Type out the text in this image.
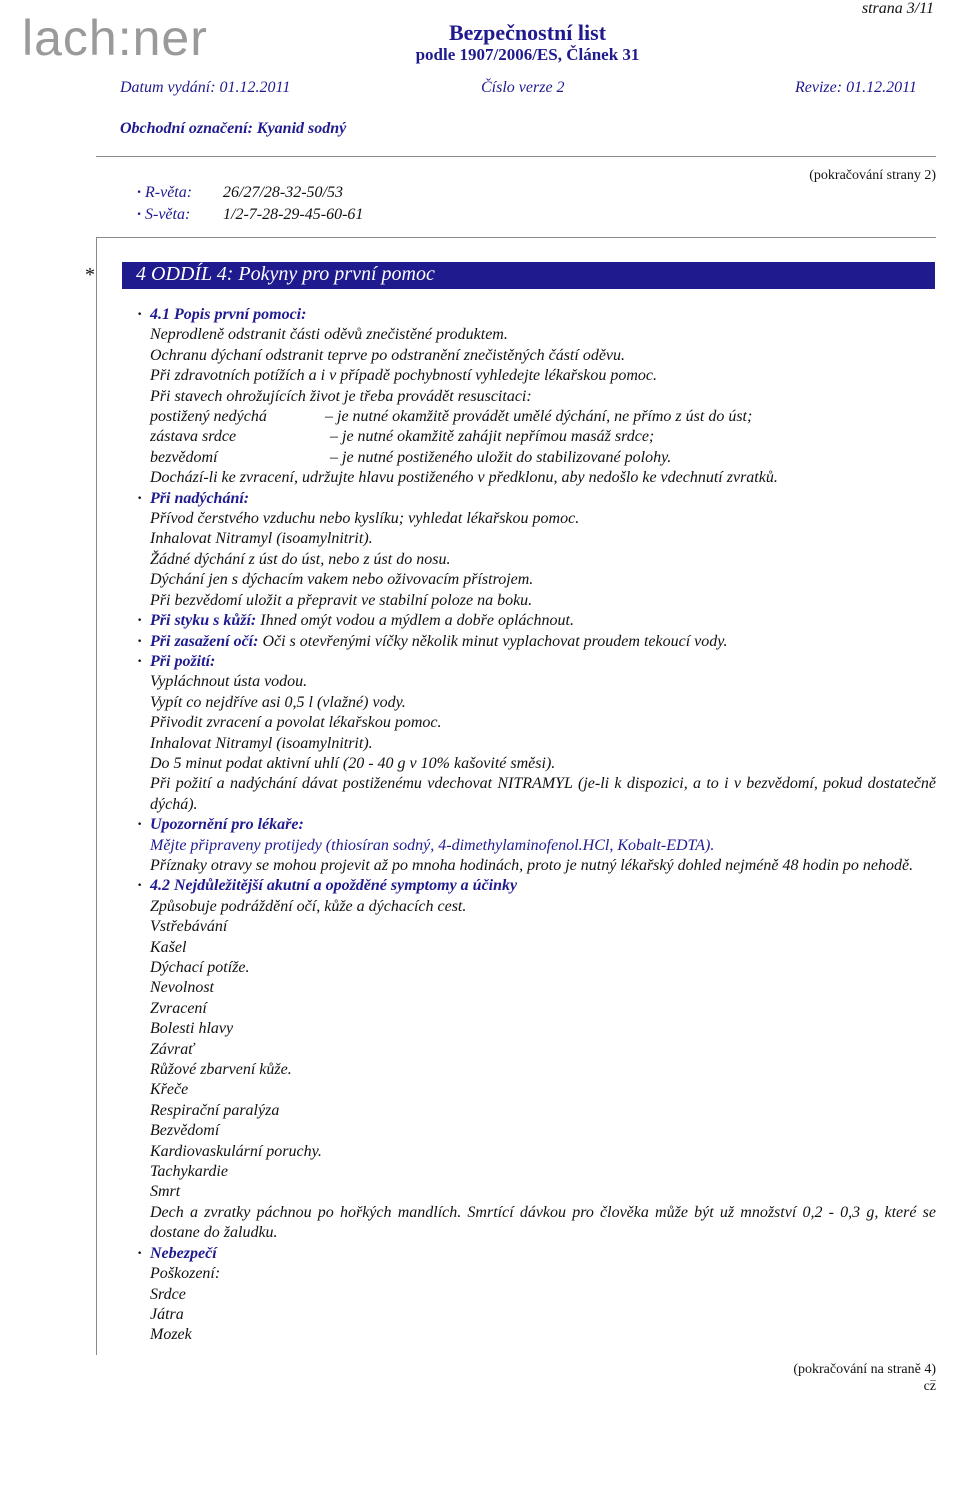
lach:ner
strana 3/11
Bezpečnostní list
podle 1907/2006/ES, Článek 31
Datum vydání: 01.12.2011	Číslo verze 2	Revize: 01.12.2011
Obchodní označení: Kyanid sodný
(pokračování strany 2)
· R-věta: 26/27/28-32-50/53
· S-věta: 1/2-7-28-29-45-60-61
* 4 ODDÍL 4: Pokyny pro první pomoc

· 4.1 Popis první pomoci:

Neprodleně odstranit části oděvů znečistěné produktem.

Ochranu dýchaní odstranit teprve po odstranění znečistěných částí oděvu.

Při zdravotních potížích a i v případě pochybností vyhledejte lékařskou pomoc.

Při stavech ohrožujících život je třeba provádět resuscitaci:

postižený nedýchá	– je nutné okamžitě provádět umělé dýchání, ne přímo z úst do úst;

zástava srdce	– je nutné okamžitě zahájit nepřímou masáž srdce;

bezvědomí	– je nutné postiženého uložit do stabilizované polohy.

Dochází-li ke zvracení, udržujte hlavu postiženého v předklonu, aby nedošlo ke vdechnutí zvratků.

· Při nadýchání:

Přívod čerstvého vzduchu nebo kyslíku; vyhledat lékařskou pomoc.

Inhalovat Nitramyl (isoamylnitrit).

Žádné dýchání z úst do úst, nebo z úst do nosu.

Dýchání jen s dýchacím vakem nebo oživovacím přístrojem.

Při bezvědomí uložit a přepravit ve stabilní poloze na boku.

· Při styku s kůží: Ihned omýt vodou a mýdlem a dobře opláchnout.

· Při zasažení očí: Oči s otevřenými víčky několik minut vyplachovat proudem tekoucí vody.

· Při požití:

Vypláchnout ústa vodou.

Vypít co nejdříve asi 0,5 l (vlažné) vody.

Přivodit zvracení a povolat lékařskou pomoc.

Inhalovat Nitramyl (isoamylnitrit).

Do 5 minut podat aktivní uhlí (20 - 40 g v 10% kašovité směsi).

Při požití a nadýchání dávat postiženému vdechovat NITRAMYL (je-li k dispozici, a to i v bezvědomí, pokud dostatečně dýchá).

· Upozornění pro lékaře:

Mějte připraveny protijedy (thiosíran sodný, 4-dimethylaminofenol.HCl, Kobalt-EDTA).

Příznaky otravy se mohou projevit až po mnoha hodinách, proto je nutný lékařský dohled nejméně 48 hodin po nehodě.

· 4.2 Nejdůležitější akutní a opožděné symptomy a účinky

Způsobuje podráždění očí, kůže a dýchacích cest.

Vstřebávání

Kašel

Dýchací potíže.

Nevolnost

Zvracení

Bolesti hlavy

Závrať

Růžové zbarvení kůže.

Křeče

Respirační paralýza

Bezvědomí

Kardiovaskulární poruchy.

Tachykardie

Smrt

Dech a zvratky páchnou po hořkých mandlích. Smrtící dávkou pro člověka může být už množství 0,2 - 0,3 g, které se dostane do žaludku.

· Nebezpečí

Poškození:

Srdce

Játra

Mozek

(pokračování na straně 4)
cz
